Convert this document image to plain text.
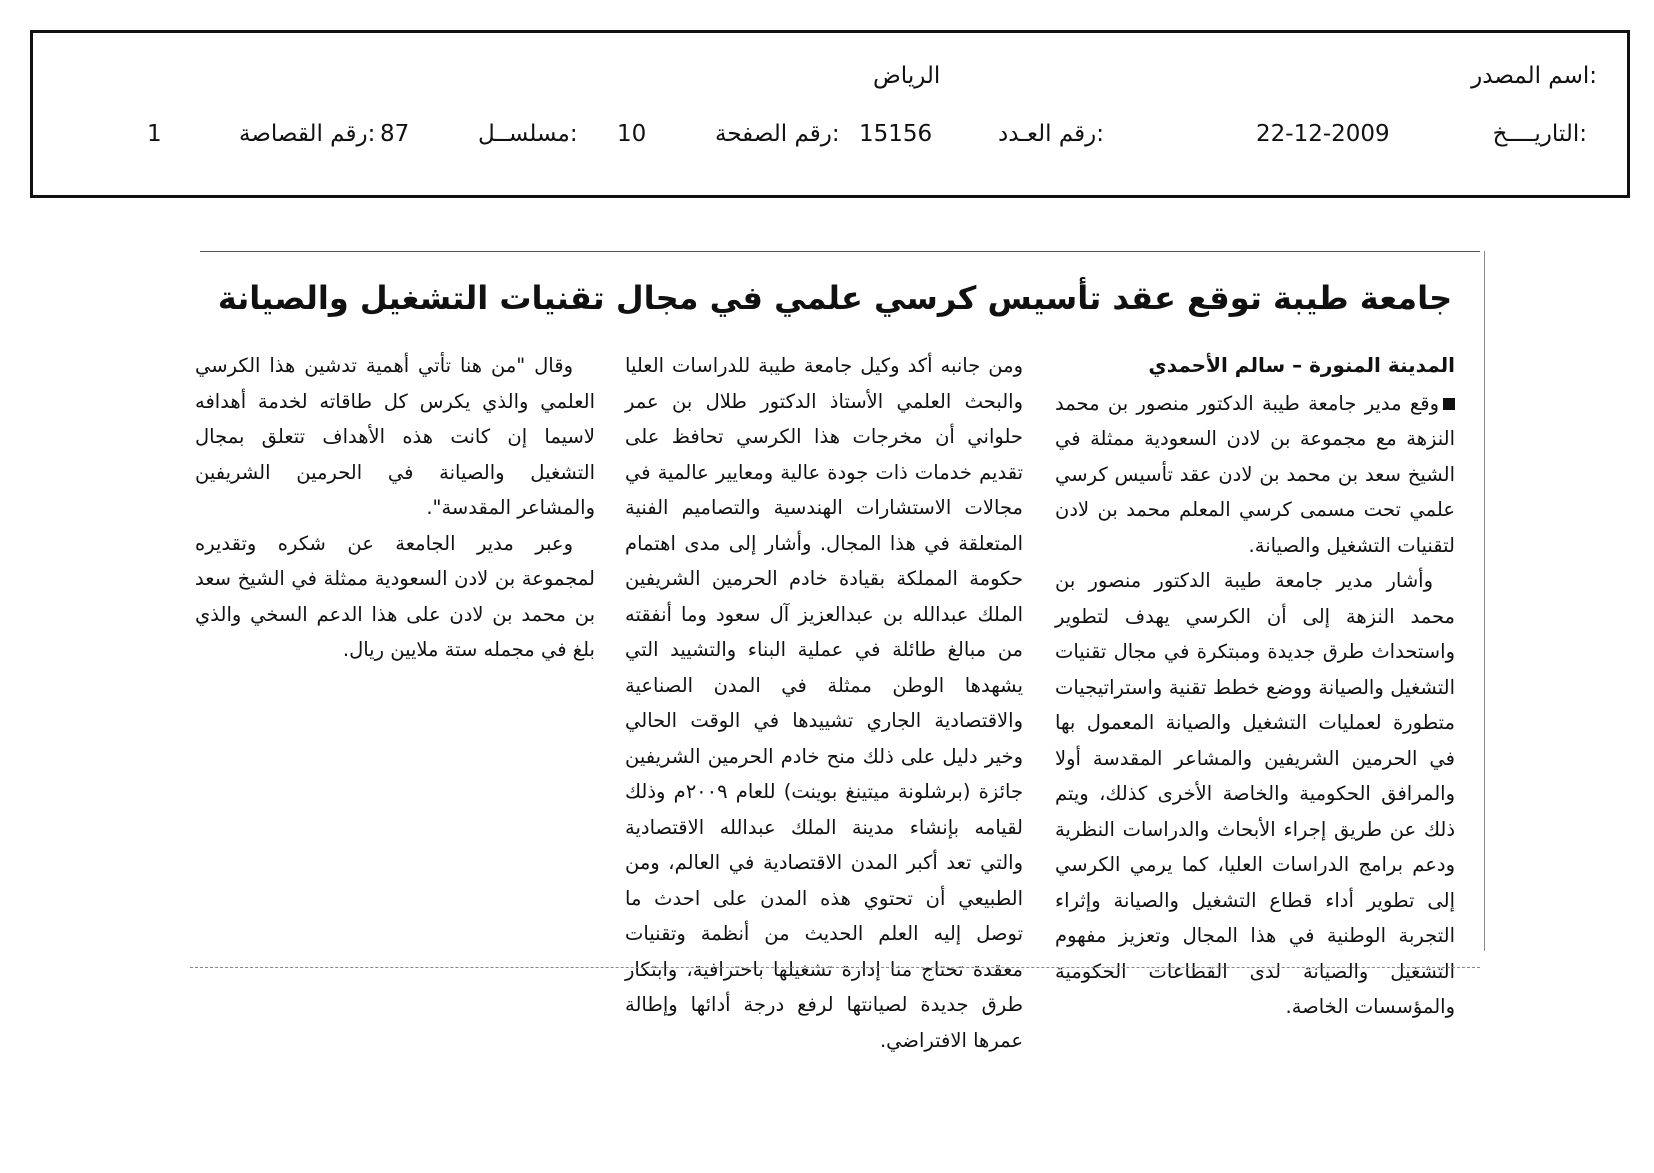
اسم المصدر:
الرياض
التاريــــخ:
22-12-2009
رقم العـدد:
15156
رقم الصفحة:
10
مسلســل:
87
رقم القصاصة:
1
جامعة طيبة توقع عقد تأسيس كرسي علمي في مجال تقنيات التشغيل والصيانة
المدينة المنورة – سالم الأحمدي

وقع مدير جامعة طيبة الدكتور منصور بن محمد النزهة مع مجموعة بن لادن السعودية ممثلة في الشيخ سعد بن محمد بن لادن عقد تأسيس كرسي علمي تحت مسمى كرسي المعلم محمد بن لادن لتقنيات التشغيل والصيانة.

وأشار مدير جامعة طيبة الدكتور منصور بن محمد النزهة إلى أن الكرسي يهدف لتطوير واستحداث طرق جديدة ومبتكرة في مجال تقنيات التشغيل والصيانة ووضع خطط تقنية واستراتيجيات متطورة لعمليات التشغيل والصيانة المعمول بها في الحرمين الشريفين والمشاعر المقدسة أولا والمرافق الحكومية والخاصة الأخرى كذلك، ويتم ذلك عن طريق إجراء الأبحاث والدراسات النظرية ودعم برامج الدراسات العليا، كما يرمي الكرسي إلى تطوير أداء قطاع التشغيل والصيانة وإثراء التجربة الوطنية في هذا المجال وتعزيز مفهوم التشغيل والصيانة لدى القطاعات الحكومية والمؤسسات الخاصة.

ومن جانبه أكد وكيل جامعة طيبة للدراسات العليا والبحث العلمي الأستاذ الدكتور طلال بن عمر حلواني أن مخرجات هذا الكرسي تحافظ على تقديم خدمات ذات جودة عالية ومعايير عالمية في مجالات الاستشارات الهندسية والتصاميم الفنية المتعلقة في هذا المجال. وأشار إلى مدى اهتمام حكومة المملكة بقيادة خادم الحرمين الشريفين الملك عبدالله بن عبدالعزيز آل سعود وما أنفقته من مبالغ طائلة في عملية البناء والتشييد التي يشهدها الوطن ممثلة في المدن الصناعية والاقتصادية الجاري تشييدها في الوقت الحالي وخير دليل على ذلك منح خادم الحرمين الشريفين جائزة (برشلونة ميتينغ بوينت) للعام ٢٠٠٩م وذلك لقيامه بإنشاء مدينة الملك عبدالله الاقتصادية والتي تعد أكبر المدن الاقتصادية في العالم، ومن الطبيعي أن تحتوي هذه المدن على احدث ما توصل إليه العلم الحديث من أنظمة وتقنيات معقدة تحتاج منا إدارة تشغيلها باحترافية، وابتكار طرق جديدة لصيانتها لرفع درجة أدائها وإطالة عمرها الافتراضي.

وقال "من هنا تأتي أهمية تدشين هذا الكرسي العلمي والذي يكرس كل طاقاته لخدمة أهدافه لاسيما إن كانت هذه الأهداف تتعلق بمجال التشغيل والصيانة في الحرمين الشريفين والمشاعر المقدسة".

وعبر مدير الجامعة عن شكره وتقديره لمجموعة بن لادن السعودية ممثلة في الشيخ سعد بن محمد بن لادن على هذا الدعم السخي والذي بلغ في مجمله ستة ملايين ريال.
